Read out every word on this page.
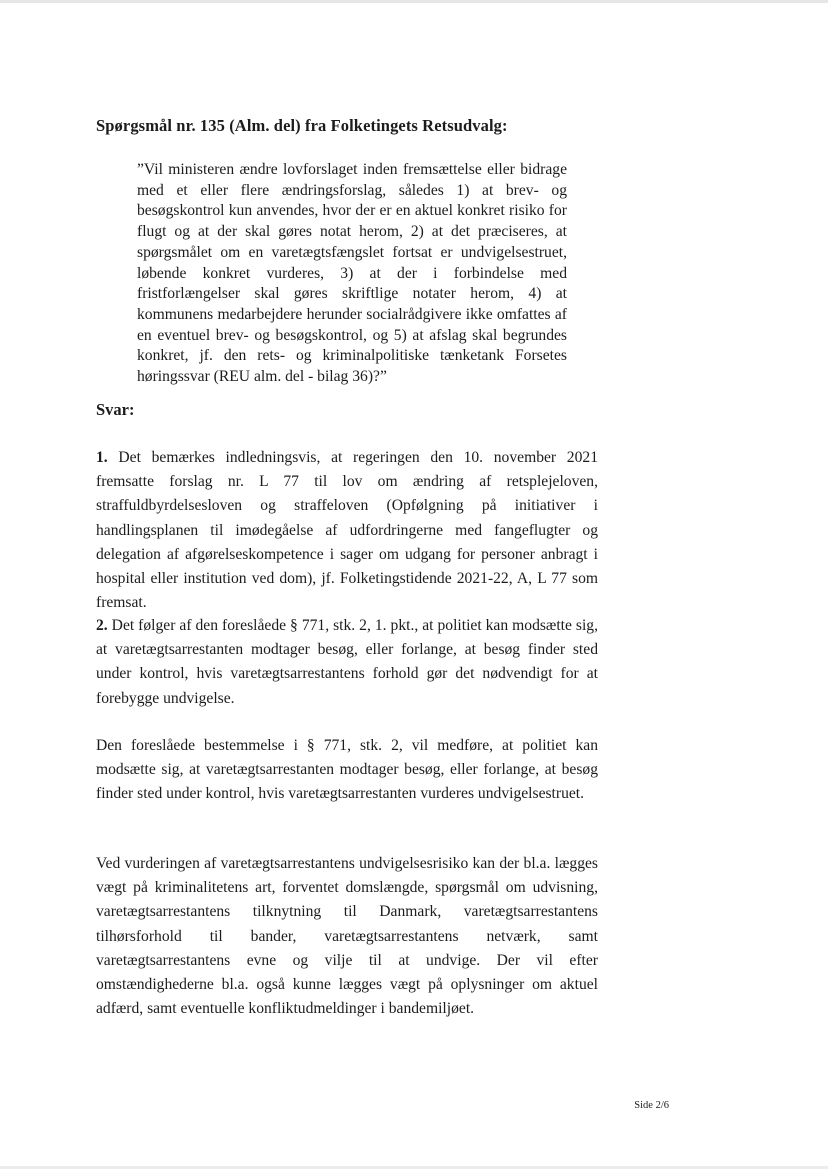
Spørgsmål nr. 135 (Alm. del) fra Folketingets Retsudvalg:
”Vil ministeren ændre lovforslaget inden fremsættelse eller bidrage med et eller flere ændringsforslag, således 1) at brev- og besøgskontrol kun anvendes, hvor der er en aktuel konkret risiko for flugt og at der skal gøres notat herom, 2) at det præciseres, at spørgsmålet om en varetægtsfængslet fortsat er undvigelsestruet, løbende konkret vurderes, 3) at der i forbindelse med fristforlængelser skal gøres skriftlige notater herom, 4) at kommunens medarbejdere herunder socialrådgivere ikke omfattes af en eventuel brev- og besøgskontrol, og 5) at afslag skal begrundes konkret, jf. den rets- og kriminalpolitiske tænketank Forsetes høringssvar (REU alm. del - bilag 36)?”
Svar:
1. Det bemærkes indledningsvis, at regeringen den 10. november 2021 fremsatte forslag nr. L 77 til lov om ændring af retsplejeloven, straffuldbyrdelsesloven og straffeloven (Opfølgning på initiativer i handlingsplanen til imødegåelse af udfordringerne med fangeflugter og delegation af afgørelseskompetence i sager om udgang for personer anbragt i hospital eller institution ved dom), jf. Folketingstidende 2021-22, A, L 77 som fremsat.
2. Det følger af den foreslåede § 771, stk. 2, 1. pkt., at politiet kan modsætte sig, at varetægtsarrestanten modtager besøg, eller forlange, at besøg finder sted under kontrol, hvis varetægtsarrestantens forhold gør det nødvendigt for at forebygge undvigelse.
Den foreslåede bestemmelse i § 771, stk. 2, vil medføre, at politiet kan modsætte sig, at varetægtsarrestanten modtager besøg, eller forlange, at besøg finder sted under kontrol, hvis varetægtsarrestanten vurderes undvigelsestruet.
Ved vurderingen af varetægtsarrestantens undvigelsesrisiko kan der bl.a. lægges vægt på kriminalitetens art, forventet domslængde, spørgsmål om udvisning, varetægtsarrestantens tilknytning til Danmark, varetægtsarrestantens tilhørsforhold til bander, varetægtsarrestantens netværk, samt varetægtsarrestantens evne og vilje til at undvige. Der vil efter omstændighederne bl.a. også kunne lægges vægt på oplysninger om aktuel adfærd, samt eventuelle konfliktudmeldinger i bandemiljøet.
Side 2/6
